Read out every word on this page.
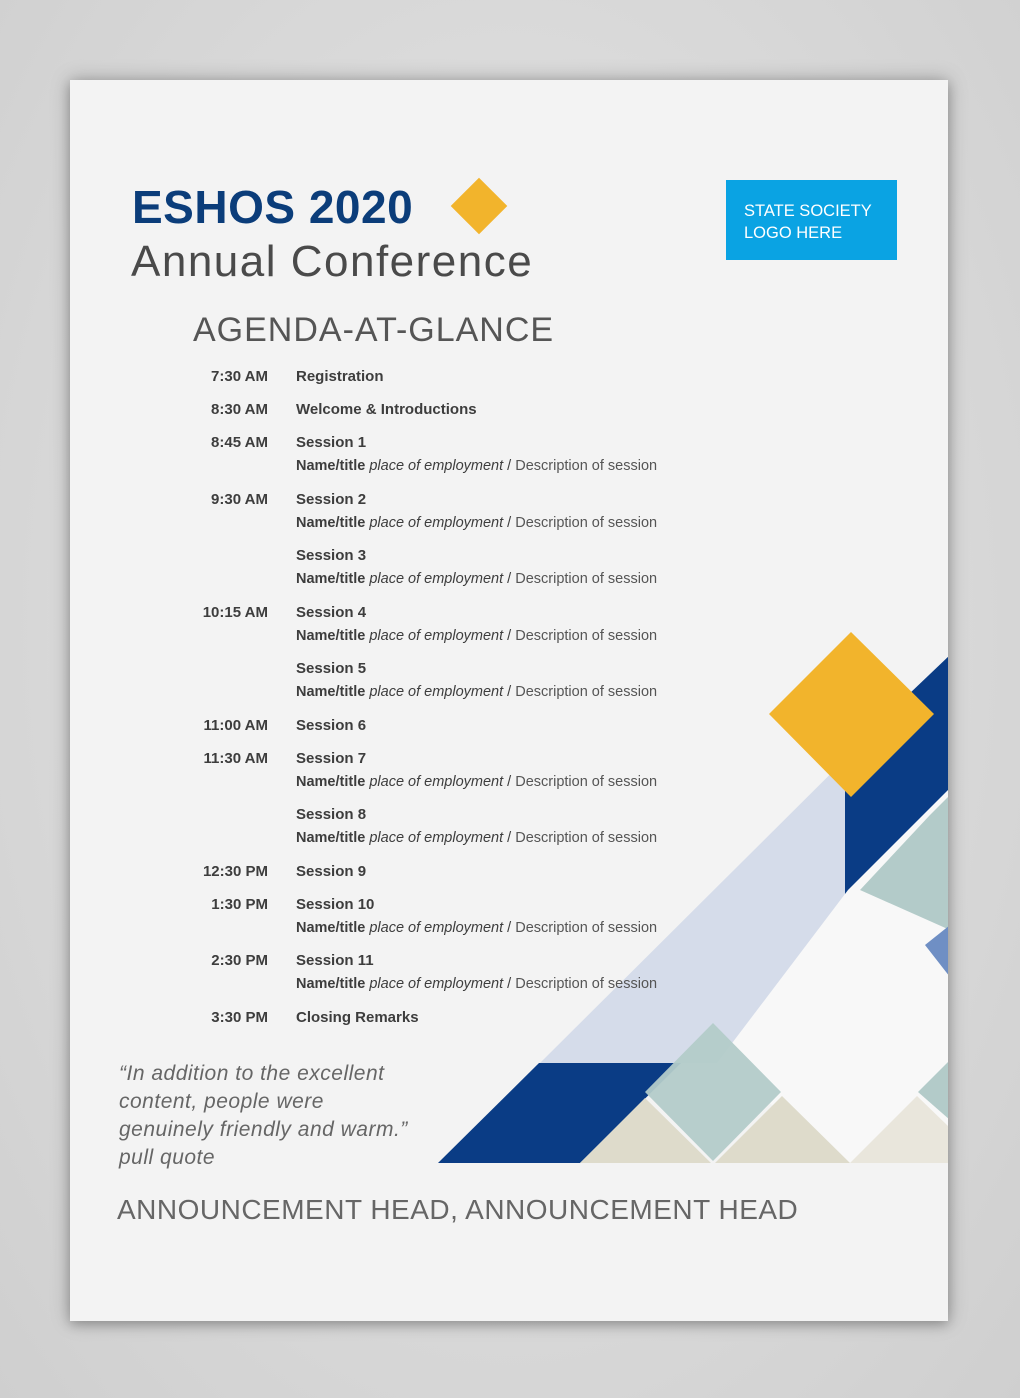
ESHOS 2020
Annual Conference
STATE SOCIETY LOGO HERE
AGENDA-AT-GLANCE
7:30 AM Registration
8:30 AM Welcome & Introductions
8:45 AM Session 1
Name/title place of employment / Description of session
9:30 AM Session 2
Name/title place of employment / Description of session
Session 3
Name/title place of employment / Description of session
10:15 AM Session 4
Name/title place of employment / Description of session
Session 5
Name/title place of employment / Description of session
11:00 AM Session 6
11:30 AM Session 7
Name/title place of employment / Description of session
Session 8
Name/title place of employment / Description of session
12:30 PM Session 9
1:30 PM Session 10
Name/title place of employment / Description of session
2:30 PM Session 11
Name/title place of employment / Description of session
3:30 PM Closing Remarks
“In addition to the excellent content, people were genuinely friendly and warm.” pull quote
ANNOUNCEMENT HEAD, ANNOUNCEMENT HEAD
